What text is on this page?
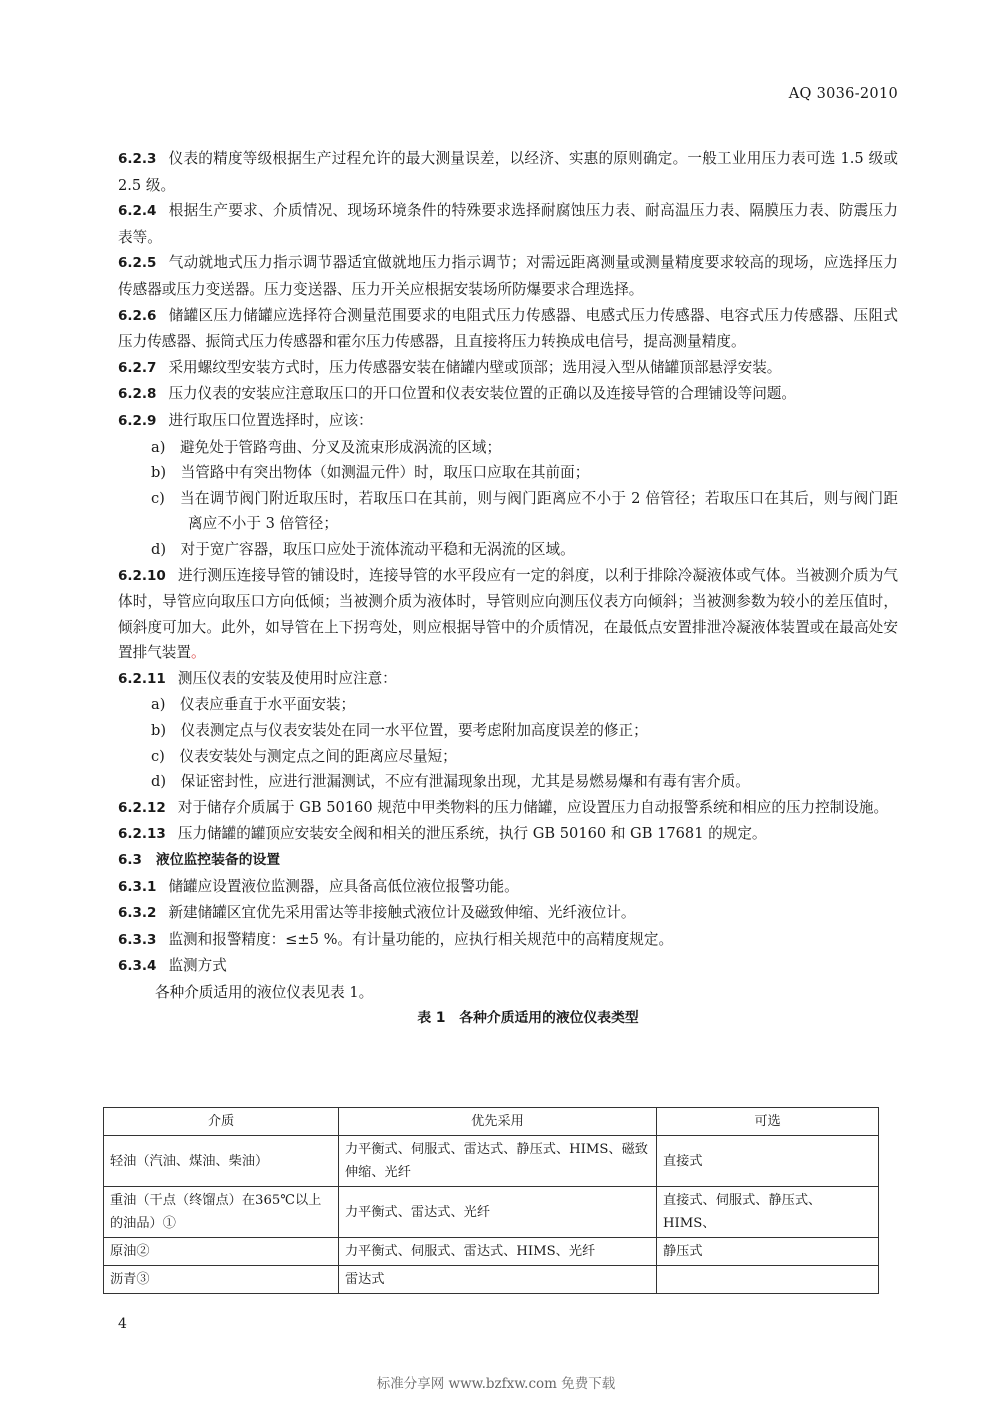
AQ 3036-2010

6.2.3 仪表的精度等级根据生产过程允许的最大测量误差，以经济、实惠的原则确定。一般工业用压力表可选 1.5 级或 2.5 级。

6.2.4 根据生产要求、介质情况、现场环境条件的特殊要求选择耐腐蚀压力表、耐高温压力表、隔膜压力表、防震压力表等。

6.2.5 气动就地式压力指示调节器适宜做就地压力指示调节；对需远距离测量或测量精度要求较高的现场，应选择压力传感器或压力变送器。压力变送器、压力开关应根据安装场所防爆要求合理选择。

6.2.6 储罐区压力储罐应选择符合测量范围要求的电阻式压力传感器、电感式压力传感器、电容式压力传感器、压阻式压力传感器、振筒式压力传感器和霍尔压力传感器，且直接将压力转换成电信号，提高测量精度。

6.2.7 采用螺纹型安装方式时，压力传感器安装在储罐内壁或顶部；选用浸入型从储罐顶部悬浮安装。

6.2.8 压力仪表的安装应注意取压口的开口位置和仪表安装位置的正确以及连接导管的合理铺设等问题。

6.2.9 进行取压口位置选择时，应该：

a)　 避免处于管路弯曲、分叉及流束形成涡流的区域；

b)　 当管路中有突出物体（如测温元件）时，取压口应取在其前面；

c)　 当在调节阀门附近取压时，若取压口在其前，则与阀门距离应不小于 2 倍管径；若取压口在其后，则与阀门距离应不小于 3 倍管径；

d)　 对于宽广容器，取压口应处于流体流动平稳和无涡流的区域。

6.2.10 进行测压连接导管的铺设时，连接导管的水平段应有一定的斜度，以利于排除冷凝液体或气体。当被测介质为气体时，导管应向取压口方向低倾；当被测介质为液体时，导管则应向测压仪表方向倾斜；当被测参数为较小的差压值时，倾斜度可加大。此外，如导管在上下拐弯处，则应根据导管中的介质情况，在最低点安置排泄冷凝液体装置或在最高处安置排气装置。

6.2.11 测压仪表的安装及使用时应注意：

a)　 仪表应垂直于水平面安装；

b)　 仪表测定点与仪表安装处在同一水平位置，要考虑附加高度误差的修正；

c)　 仪表安装处与测定点之间的距离应尽量短；

d)　 保证密封性，应进行泄漏测试，不应有泄漏现象出现，尤其是易燃易爆和有毒有害介质。

6.2.12 对于储存介质属于 GB 50160 规范中甲类物料的压力储罐，应设置压力自动报警系统和相应的压力控制设施。

6.2.13 压力储罐的罐顶应安装安全阀和相关的泄压系统，执行 GB 50160 和 GB 17681 的规定。

6.3 液位监控装备的设置

6.3.1 储罐应设置液位监测器，应具备高低位液位报警功能。

6.3.2 新建储罐区宜优先采用雷达等非接触式液位计及磁致伸缩、光纤液位计。

6.3.3 监测和报警精度：≤±5 %。有计量功能的，应执行相关规范中的高精度规定。

6.3.4 监测方式

各种介质适用的液位仪表见表 1。

表 1　各种介质适用的液位仪表类型

介质	优先采用	可选
轻油（汽油、煤油、柴油）	力平衡式、伺服式、雷达式、静压式、HIMS、磁致伸缩、光纤	直接式
重油（干点（终馏点）在365℃以上的油品）①	力平衡式、雷达式、光纤	直接式、伺服式、静压式、HIMS、
原油②	力平衡式、伺服式、雷达式、HIMS、光纤	静压式
沥青③	雷达式	
4
标准分享网 www.bzfxw.com 免费下载
